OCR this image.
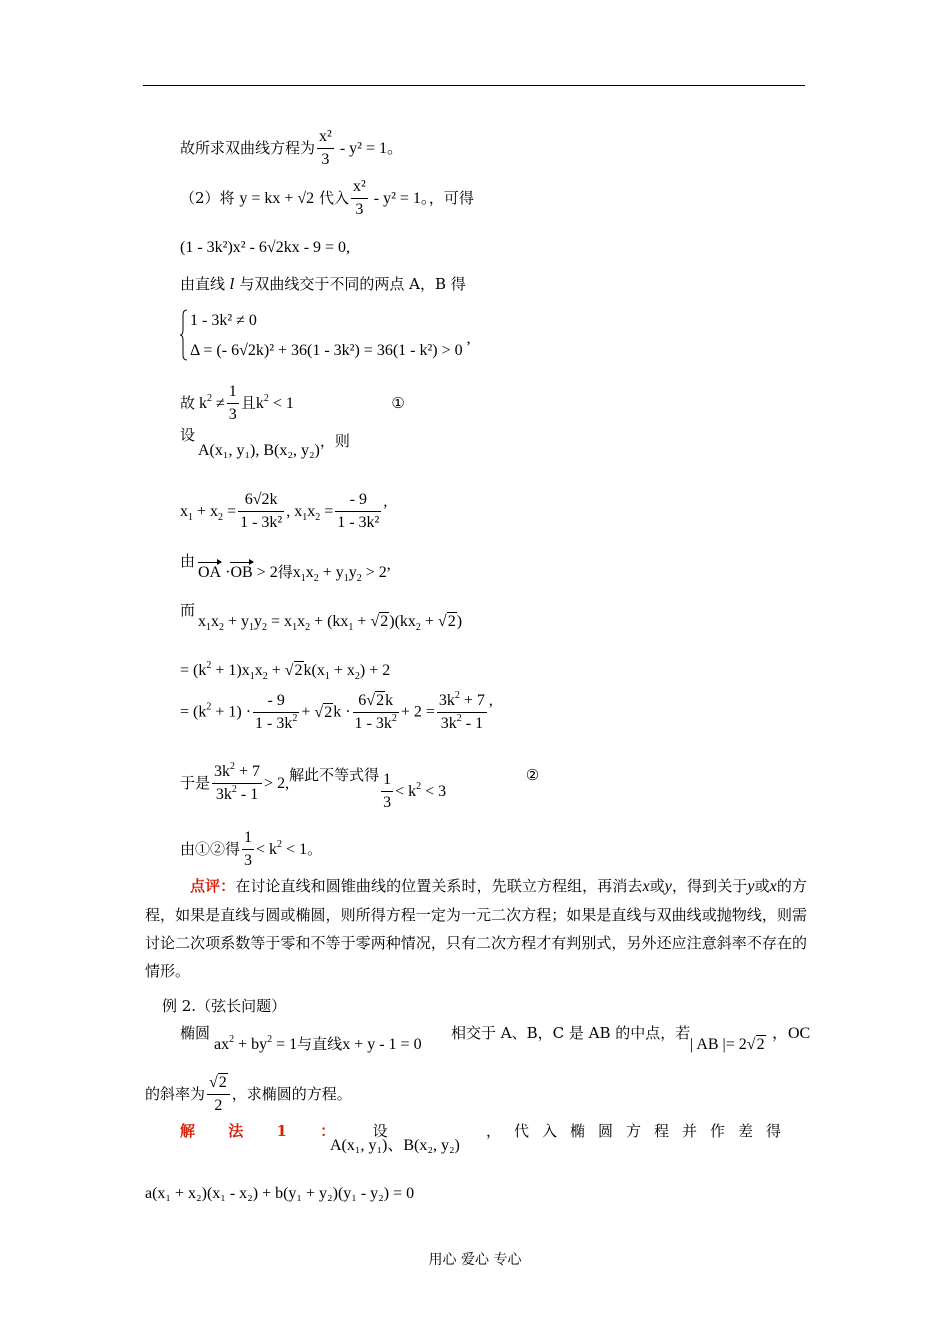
故所求双曲线方程为 $\frac{\text{x²}}{3} - y^2 = 1$。
（2）将 y = kx + √2 代入 $\frac{\text{x²}}{3} - y^2 = 1$。，可得
(1 - 3k²)x² - 6√2kx - 9 = 0,
由直线 l 与双曲线交于不同的两点 A，B 得
1 - 3k² ≠ 0
Δ = (- 6√2k)² + 36(1 - 3k²) = 36(1 - k²) > 0,
故 $k^2 \ne \frac{1}{3}$ 且$k^2 < 1$	①
设
A(x₁, y₁), B(x₂, y₂)，则
$x_1 + x_2 = \frac{6√2k}{\text{1 - 3k²}}$ , $x_1x_2 = \frac{- 9}{\text{1 - 3k²}}$ ,
由
OA ·OB > 2得$x_1x_2 + y_1y_2 > 2$,
而
$x_1x_2 + y_1y_2 = x_1x_2 + (kx_1 + √2)(kx_2 + √2)$
= $(k^2 + 1)x_1x_2 + √2k(x_1 + x_2) + 2$
= $(k^2 + 1) \cdot \frac{- 9}{1 - 3k^2} + √2k \cdot \frac{6√2k}{1 - 3k^2} + 2 = \frac{3k^2 + 7}{3k^2 - 1}$ ,
于是 $\frac{3k^2 + 7}{3k^2 - 1} > 2$,解此不等式得 $\frac{1}{3} < k^2 < 3$  ②
由①②得 $\frac{1}{3} < k^2 < 1$。
点评：在讨论直线和圆锥曲线的位置关系时，先联立方程组，再消去x或y，得到关于y或x的方程，如果是直线与圆或椭圆，则所得方程一定为一元二次方程；如果是直线与双曲线或抛物线，则需讨论二次项系数等于零和不等于零两种情况，只有二次方程才有判别式，另外还应注意斜率不存在的情形。
例 2.（弦长问题）
椭圆
$ax^2 + by^2 = 1$与直线x + y - 1 = 0
相交于 A、B，C 是 AB 的中点，若
| AB |= 2√2
，OC
的斜率为 $\frac{√2}{2}$ ，求椭圆的方程。
解 法 1 ： 设
A(x₁, y₁)、B(x₂, y₂)
，代入椭圆方程并作差得
a(x₁ + x₂)(x₁ - x₂) + b(y₁ + y₂)(y₁ - y₂) = 0
用心 爱心 专心
